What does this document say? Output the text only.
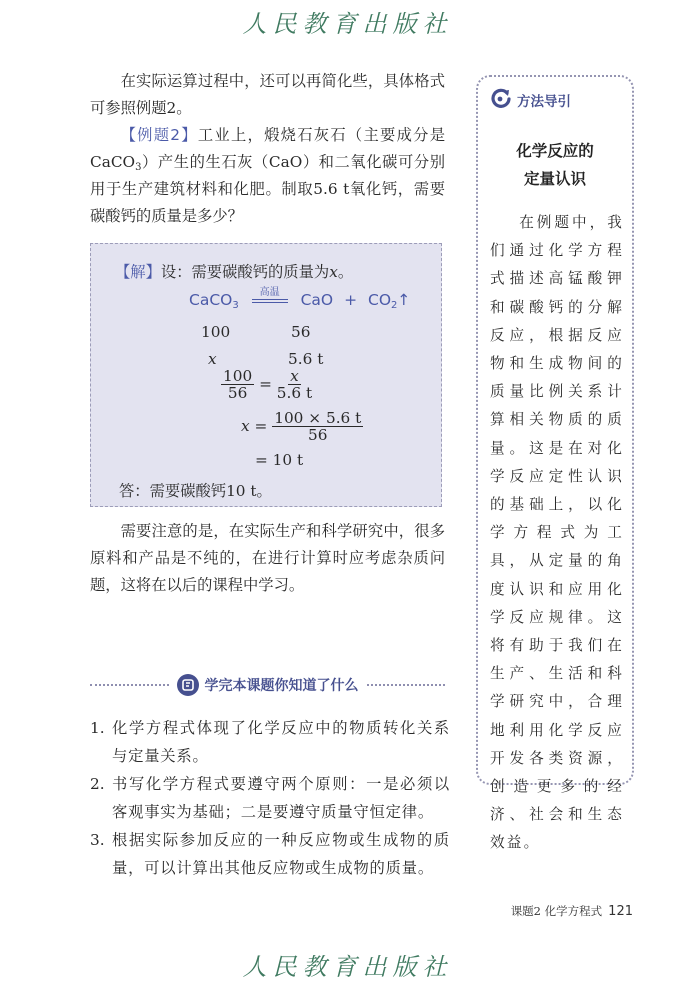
人民教育出版社

在实际运算过程中，还可以再简化些，具体格式可参照例题2。

【例题2】工业上，煅烧石灰石（主要成分是CaCO$_3$）产生的生石灰（CaO）和二氧化碳可分别用于生产建筑材料和化肥。制取5.6 t氧化钙，需要碳酸钙的质量是多少？

【解】设：需要碳酸钙的质量为x。
CaCO$_3$
高温	CaO + $CO_2↑$
100	56
x	5.6 t
$\frac{100}{56} = \frac{x}{5.6 t}$
$x = \frac{100 \times 5.6 t}{56}$
= 10 t
答：需要碳酸钙10 t。

需要注意的是，在实际生产和科学研究中，很多原料和产品是不纯的，在进行计算时应考虑杂质问题，这将在以后的课程中学习。

学完本课题你知道了什么
1. 化学方程式体现了化学反应中的物质转化关系与定量关系。
2. 书写化学方程式要遵守两个原则：一是必须以客观事实为基础；二是要遵守质量守恒定律。
3. 根据实际参加反应的一种反应物或生成物的质量，可以计算出其他反应物或生成物的质量。
方法导引
化学反应的
定量认识

在例题中，我们通过化学方程式描述高锰酸钾和碳酸钙的分解反应，根据反应物和生成物间的质量比例关系计算相关物质的质量。这是在对化学反应定性认识的基础上，以化学方程式为工具，从定量的角度认识和应用化学反应规律。这将有助于我们在生产、生活和科学研究中，合理地利用化学反应开发各类资源，创造更多的经济、社会和生态效益。

课题2 化学方程式 121
人民教育出版社
